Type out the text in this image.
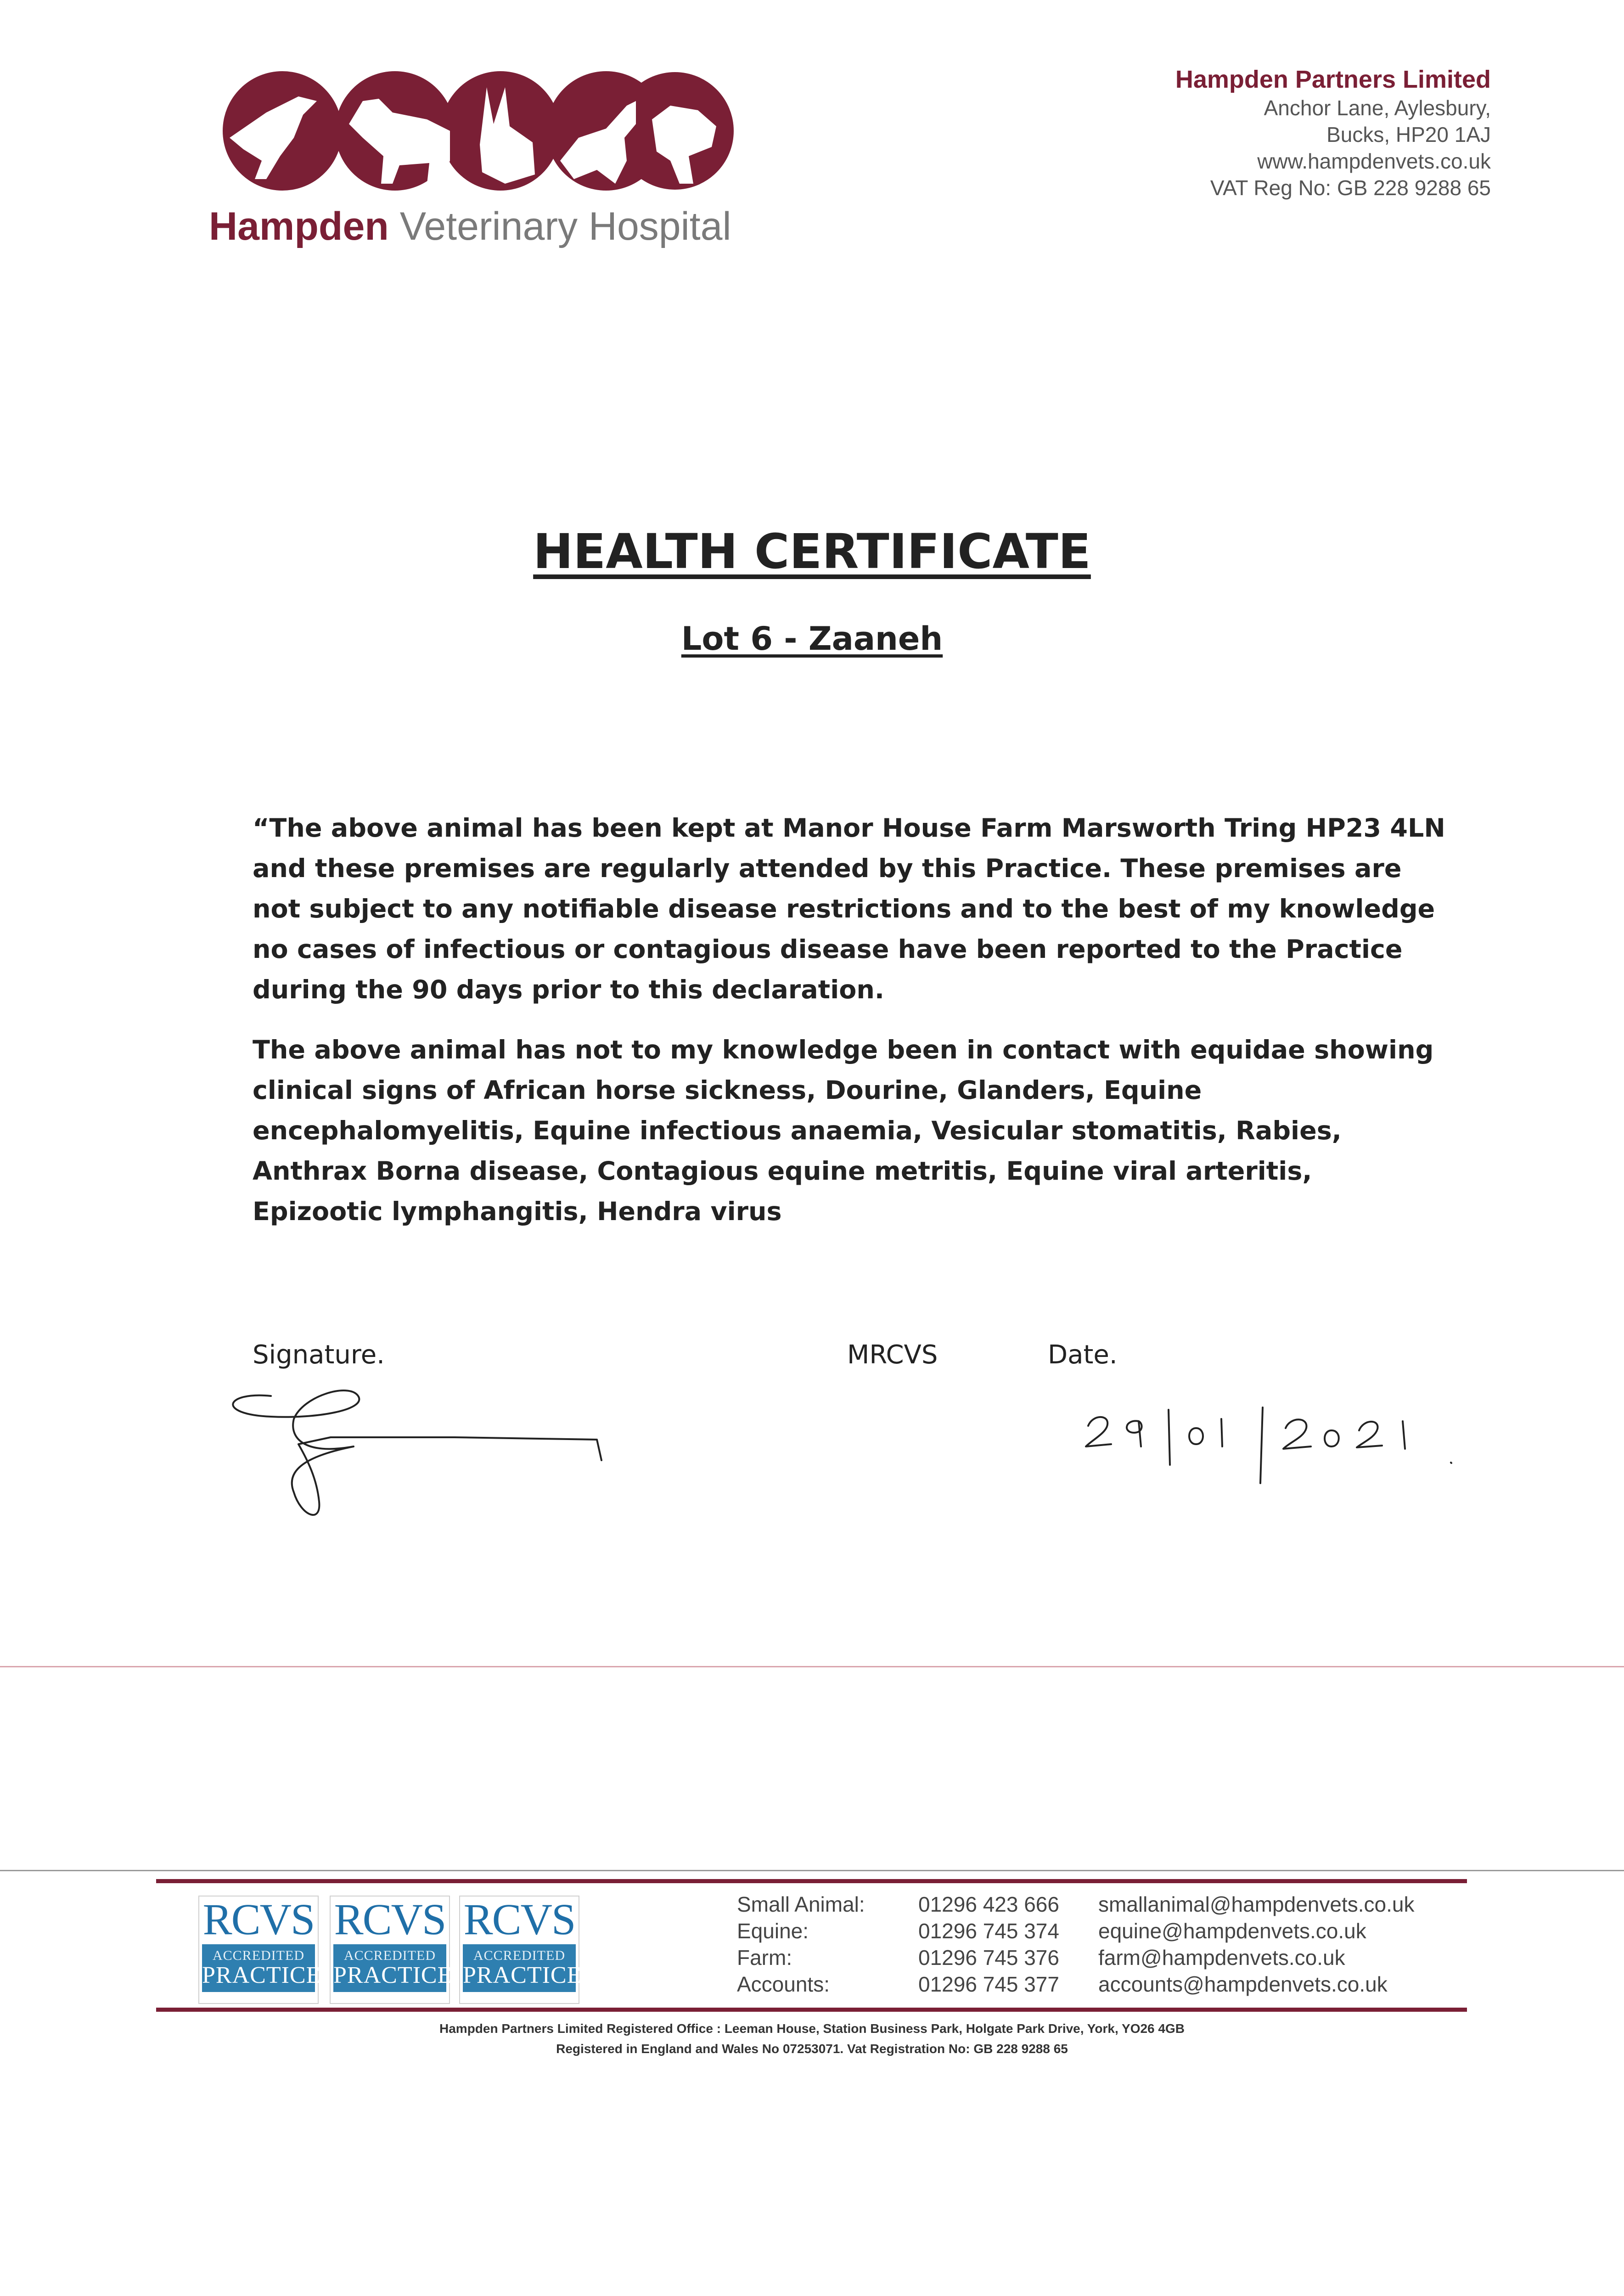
Hampden Veterinary Hospital
Hampden Partners Limited
Anchor Lane, Aylesbury,
Bucks, HP20 1AJ
www.hampdenvets.co.uk
VAT Reg No: GB 228 9288 65
HEALTH CERTIFICATE
Lot 6 - Zaaneh

“The above animal has been kept at Manor House Farm Marsworth Tring HP23 4LN and these premises are regularly attended by this Practice. These premises are not subject to any notifiable disease restrictions and to the best of my knowledge no cases of infectious or contagious disease have been reported to the Practice during the 90 days prior to this declaration.

The above animal has not to my knowledge been in contact with equidae showing clinical signs of African horse sickness, Dourine, Glanders, Equine encephalomyelitis, Equine infectious anaemia, Vesicular stomatitis, Rabies, Anthrax Borna disease, Contagious equine metritis, Equine viral arteritis, Epizootic lymphangitis, Hendra virus

Signature.	MRCVS	Date.
RCVS
ACCREDITED
PRACTICE
RCVS
ACCREDITED
PRACTICE
RCVS
ACCREDITED
PRACTICE
Small Animal:
Equine:
Farm:
Accounts:
01296 423 666
01296 745 374
01296 745 376
01296 745 377
smallanimal@hampdenvets.co.uk
equine@hampdenvets.co.uk
farm@hampdenvets.co.uk
accounts@hampdenvets.co.uk
Hampden Partners Limited Registered Office : Leeman House, Station Business Park, Holgate Park Drive, York, YO26 4GB
Registered in England and Wales No 07253071. Vat Registration No: GB 228 9288 65
